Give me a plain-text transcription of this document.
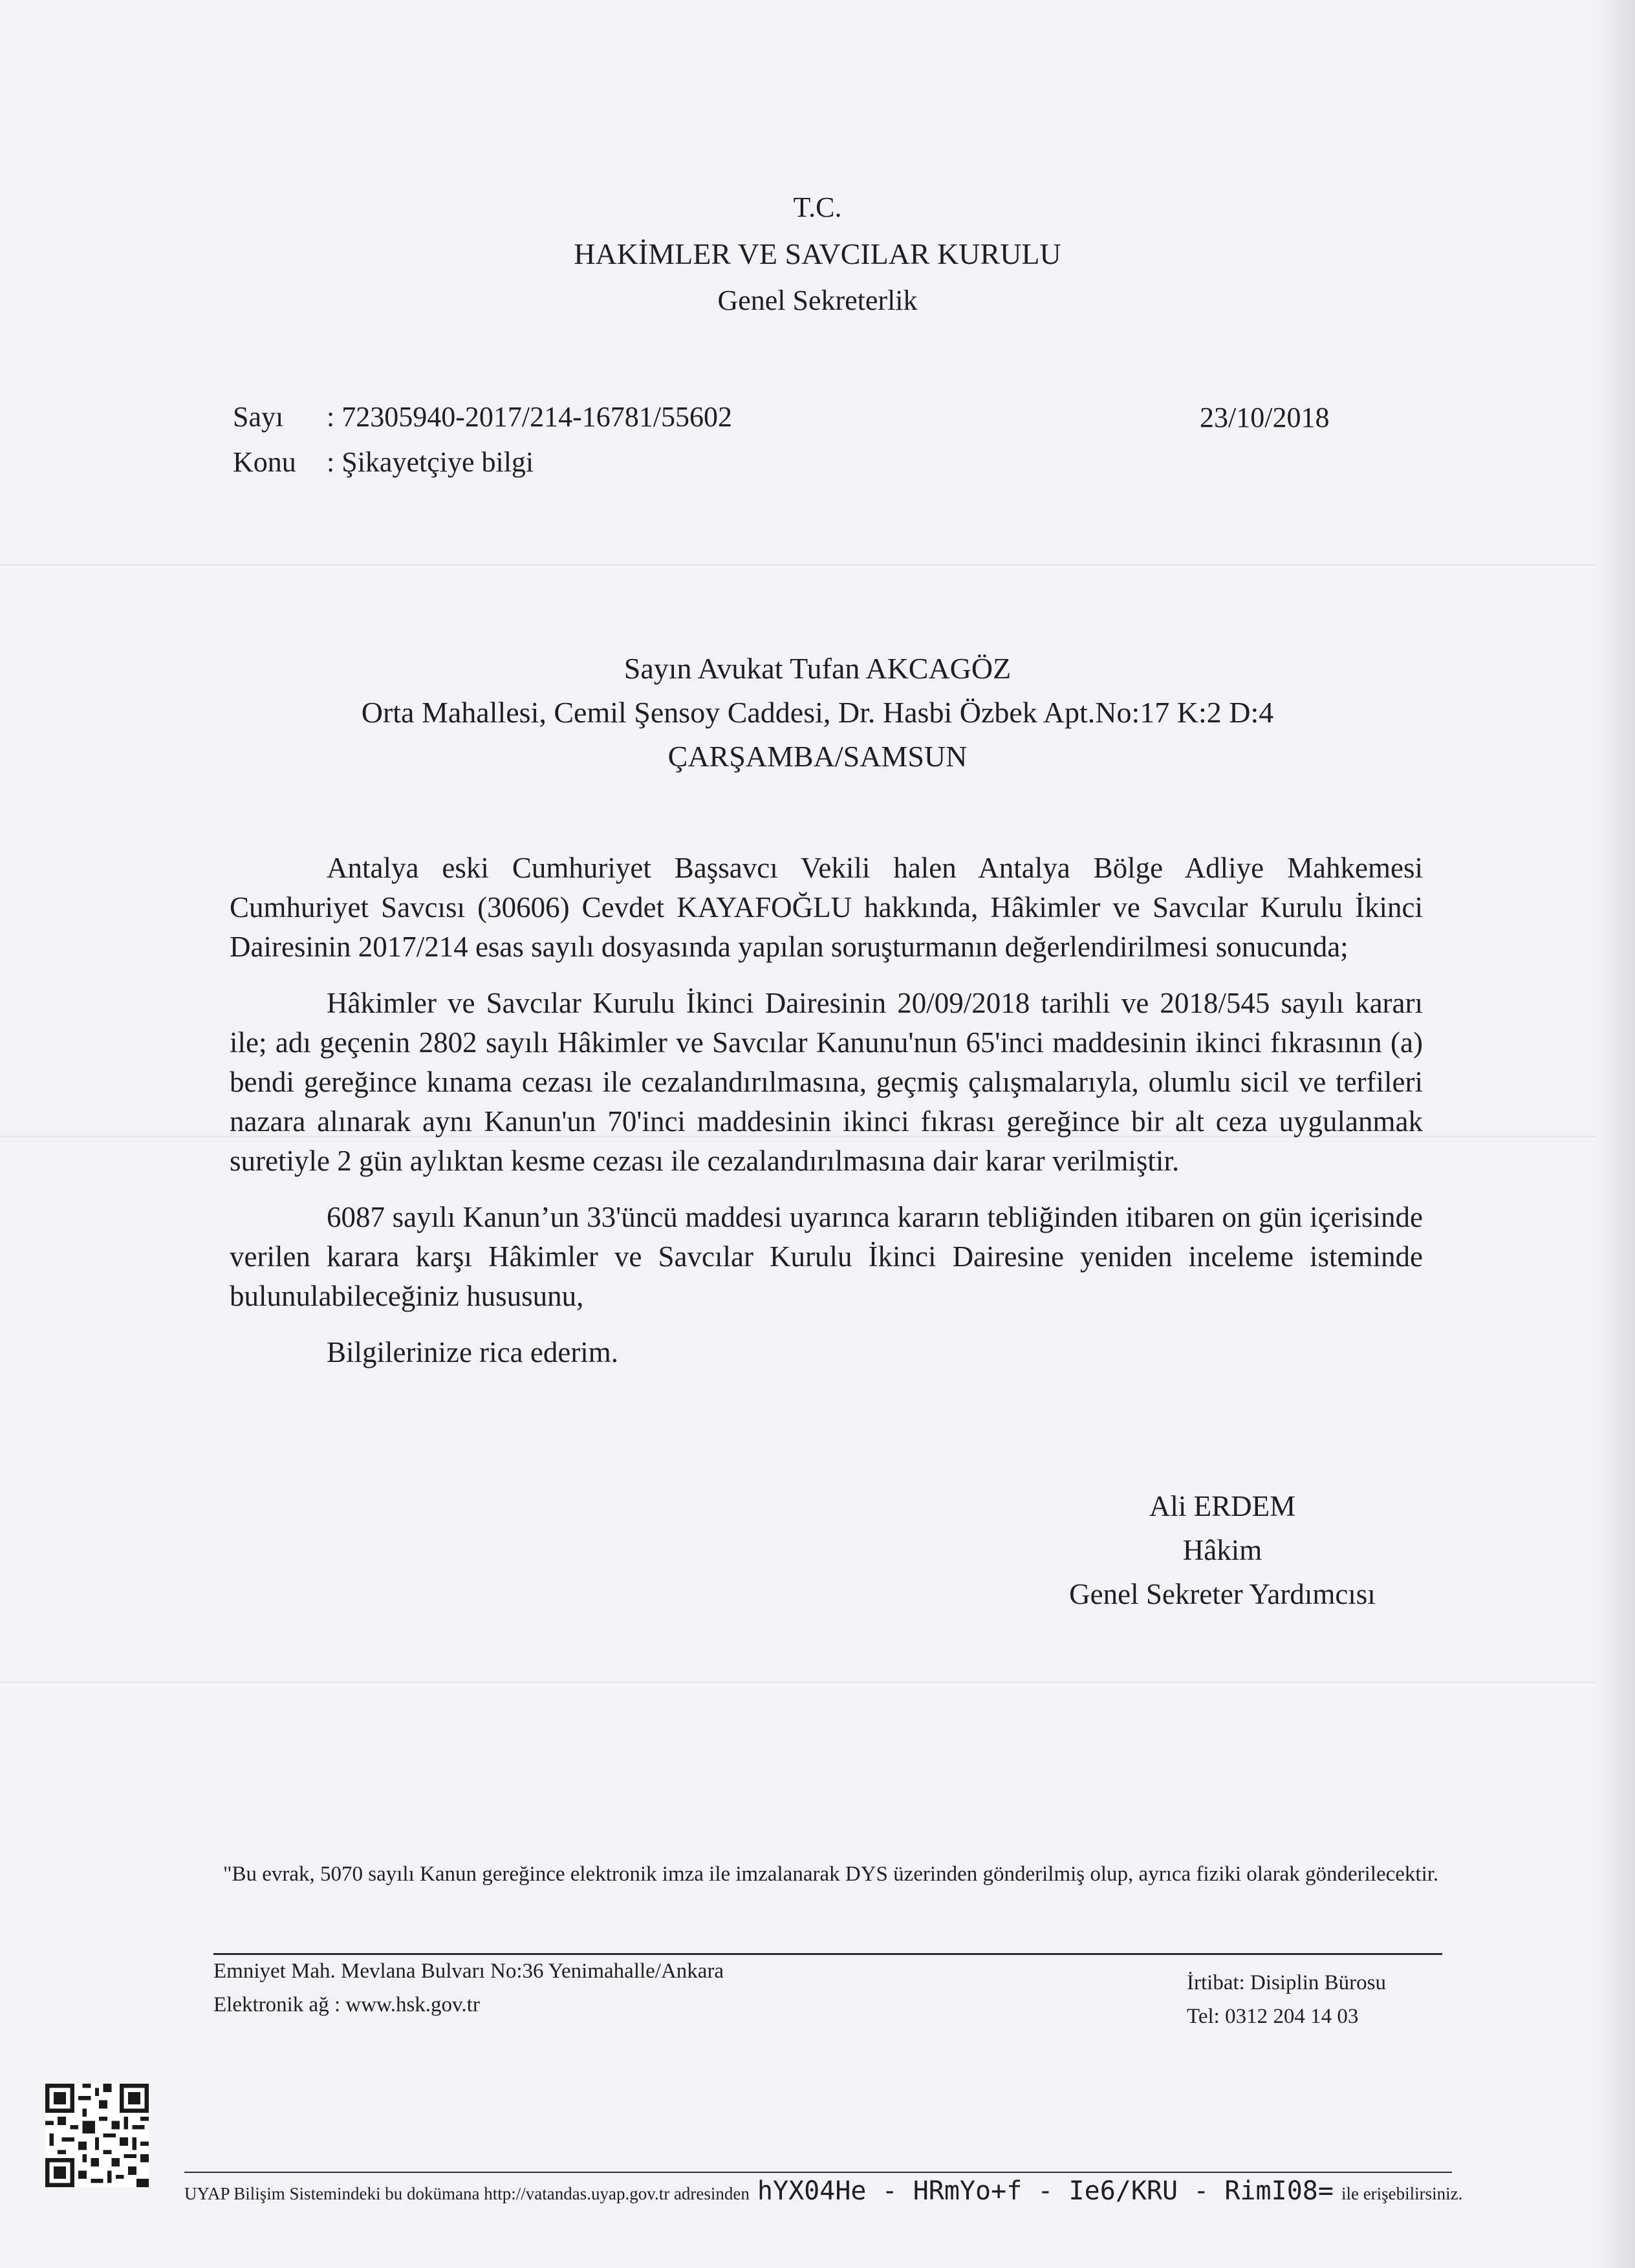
T.C.
HAKİMLER VE SAVCILAR KURULU
Genel Sekreterlik
Sayı : 72305940-2017/214-16781/55602
Konu : Şikayetçiye bilgi
23/10/2018
Sayın Avukat Tufan AKCAGÖZ
Orta Mahallesi, Cemil Şensoy Caddesi, Dr. Hasbi Özbek Apt.No:17 K:2 D:4
ÇARŞAMBA/SAMSUN

Antalya eski Cumhuriyet Başsavcı Vekili halen Antalya Bölge Adliye Mahkemesi Cumhuriyet Savcısı (30606) Cevdet KAYAFOĞLU hakkında, Hâkimler ve Savcılar Kurulu İkinci Dairesinin 2017/214 esas sayılı dosyasında yapılan soruşturmanın değerlendirilmesi sonucunda;

Hâkimler ve Savcılar Kurulu İkinci Dairesinin 20/09/2018 tarihli ve 2018/545 sayılı kararı ile; adı geçenin 2802 sayılı Hâkimler ve Savcılar Kanunu'nun 65'inci maddesinin ikinci fıkrasının (a) bendi gereğince kınama cezası ile cezalandırılmasına, geçmiş çalışmalarıyla, olumlu sicil ve terfileri nazara alınarak aynı Kanun'un 70'inci maddesinin ikinci fıkrası gereğince bir alt ceza uygulanmak suretiyle 2 gün aylıktan kesme cezası ile cezalandırılmasına dair karar verilmiştir.

6087 sayılı Kanun’un 33'üncü maddesi uyarınca kararın tebliğinden itibaren on gün içerisinde verilen karara karşı Hâkimler ve Savcılar Kurulu İkinci Dairesine yeniden inceleme isteminde bulunulabileceğiniz hususunu,

Bilgilerinize rica ederim.

Ali ERDEM
Hâkim
Genel Sekreter Yardımcısı
"Bu evrak, 5070 sayılı Kanun gereğince elektronik imza ile imzalanarak DYS üzerinden gönderilmiş olup, ayrıca fiziki olarak gönderilecektir.
Emniyet Mah. Mevlana Bulvarı No:36 Yenimahalle/Ankara
Elektronik ağ : www.hsk.gov.tr
İrtibat: Disiplin Bürosu
Tel: 0312 204 14 03
UYAP Bilişim Sistemindeki bu dokümana http://vatandas.uyap.gov.tr adresinden hYX04He - HRmYo+f - Ie6/KRU - RimI08= ile erişebilirsiniz.
